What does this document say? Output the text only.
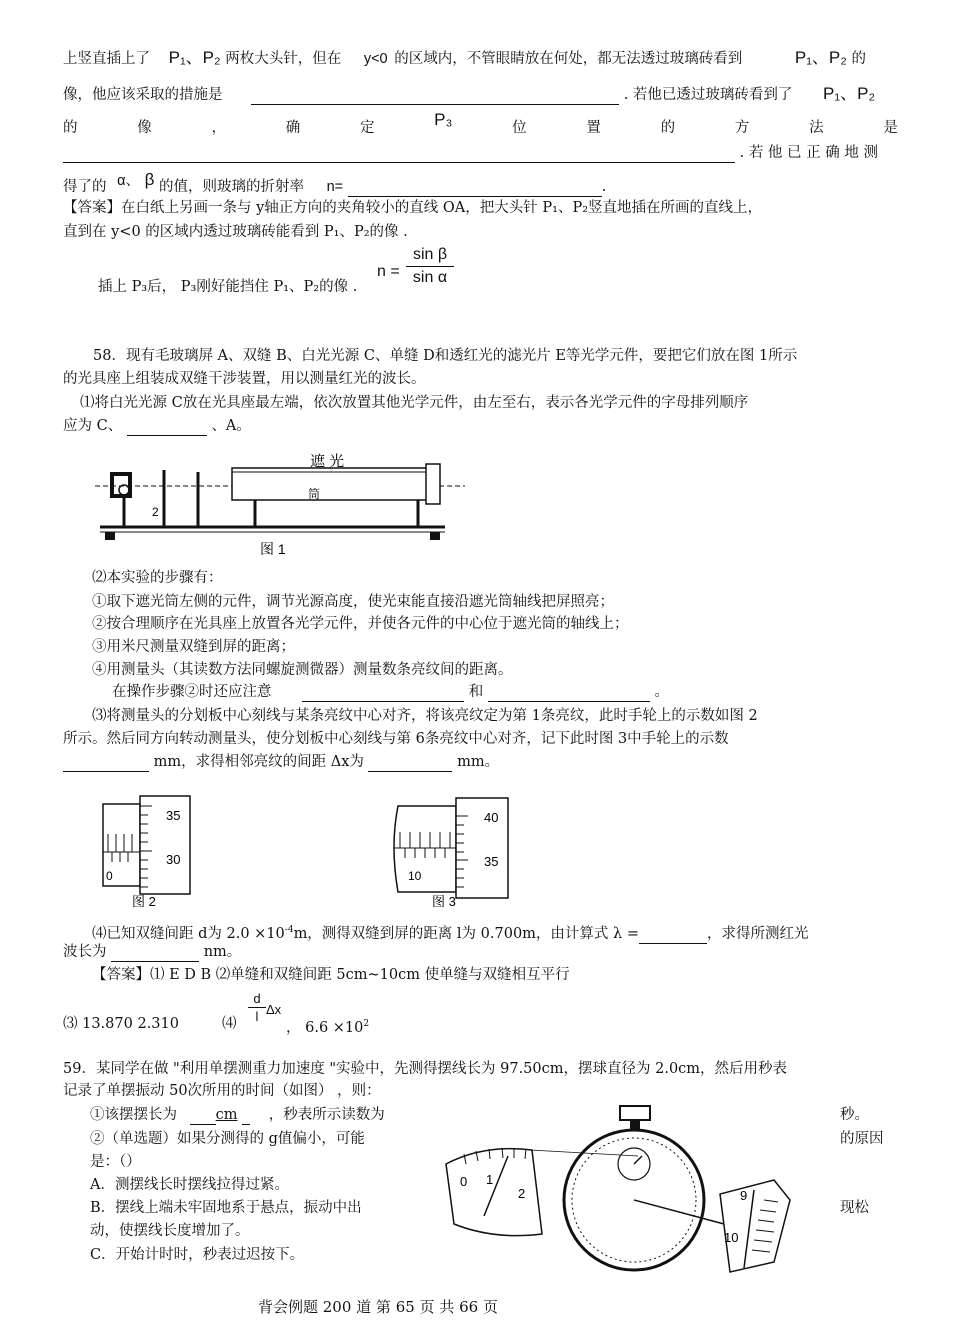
上竖直插上了 P₁、P₂ 两枚大头针，但在 y<0 的区域内，不管眼睛放在何处，都无法透过玻璃砖看到	P₁、P₂ 的
像，他应该采取的措施是	. 若他已透过玻璃砖看到了 P₁、P₂
的	像	，	确	定	P₃	位	置	的	方	法	是
. 若 他 已 正 确 地 测
得了的 α、 β 的值，则玻璃的折射率 n=	.
【答案】在白纸上另画一条与 y轴正方向的夹角较小的直线 OA，把大头针 P₁、P₂竖直地插在所画的直线上，
直到在 y<0 的区域内透过玻璃砖能看到 P₁、P₂的像 .
$n = \frac{\text{sin β}}{\text{sin α}}$
插上 P₃后， P₃刚好能挡住 P₁、P₂的像 .
58．现有毛玻璃屏 A、双缝 B、白光光源 C、单缝 D和透红光的滤光片 E等光学元件，要把它们放在图 1所示
的光具座上组装成双缝干涉装置，用以测量红光的波长。
⑴将白光光源 C放在光具座最左端，依次放置其他光学元件，由左至右，表示各光学元件的字母排列顺序
应为 C、	、A。
2
遮 光
筒
图 1
⑵本实验的步骤有：
①取下遮光筒左侧的元件，调节光源高度，使光束能直接沿遮光筒轴线把屏照亮；
②按合理顺序在光具座上放置各光学元件，并使各元件的中心位于遮光筒的轴线上；
③用米尺测量双缝到屏的距离；
④用测量头（其读数方法同螺旋测微器）测量数条亮纹间的距离。
在操作步骤②时还应注意	和	。
⑶将测量头的分划板中心刻线与某条亮纹中心对齐，将该亮纹定为第 1条亮纹，此时手轮上的示数如图 2
所示。然后同方向转动测量头，使分划板中心刻线与第 6条亮纹中心对齐，记下此时图 3中手轮上的示数
mm，求得相邻亮纹的间距 Δx为	mm。
0
35
30
图 2
10
40
35
图 3
⑷已知双缝间距 d为 $2.0 \times 10^{-4}m$，测得双缝到屏的距离 l为 0.700m，由计算式 λ =	，求得所测红光
波长为	nm。
【答案】⑴ E D B ⑵单缝和双缝间距 5cm~10cm 使单缝与双缝相互平行
⑶ 13.870 2.310	⑷ $\frac{d}{l}$ Δx
， $6.6 \times 10^2$
59．某同学在做 "利用单摆测重力加速度 "实验中，先测得摆线长为 97.50cm，摆球直径为 2.0cm，然后用秒表
记录了单摆振动 50次所用的时间（如图） ，则：
①该摆摆长为	cm ，秒表所示读数为	秒。
②（单选题）如果分测得的 g值偏小，可能	的原因
是：（）
A．测摆线长时摆线拉得过紧。
B．摆线上端未牢固地系于悬点，振动中出	现松
动，使摆线长度增加了。
C．开始计时时，秒表过迟按下。
0 1
2	9
10
背会例题 200 道 第 65 页 共 66 页
